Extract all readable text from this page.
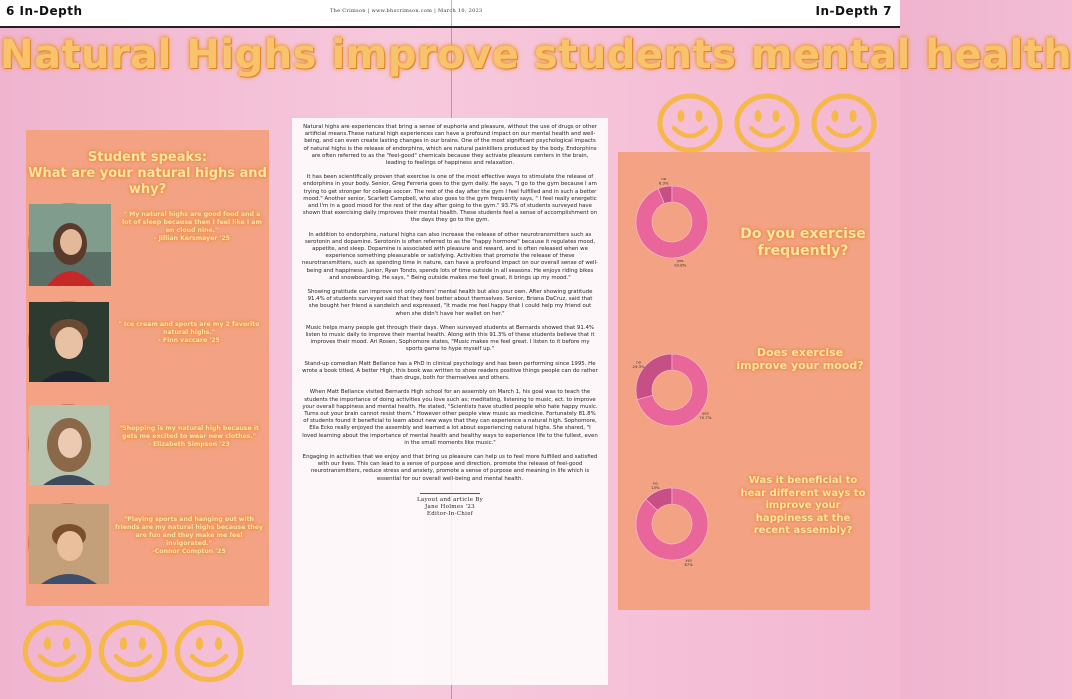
6 In-Depth	The Crimson | www.bhscrimson.com | March 10, 2023	In-Depth 7
Natural Highs improve students mental health
Student speaks:
What are your natural highs and why?
" My natural highs are good food and a lot of sleep because then I feel like I am on cloud nine."
- Jillian Kersmayer '25
" Ice cream and sports are my 2 favorite natural highs."
- Finn vaccaro '25
"Shopping is my natural high because it gets me excited to wear new clothes."
- Elizabeth Simpson '23
"Playing sports and hanging out with friends are my natural highs because they are fun and they make me feel invigorated."
-Connor Compton '25

Natural highs are experiences that bring a sense of euphoria and pleasure, without the use of drugs or other artificial means.These natural high experiences can have a profound impact on our mental health and well-being, and can even create lasting changes in our brains. One of the most significant psychological impacts of natural highs is the release of endorphins, which are natural painkillers produced by the body. Endorphins are often referred to as the "feel-good" chemicals because they activate pleasure centers in the brain, leading to feelings of happiness and relaxation.

It has been scientifically proven that exercise is one of the most effective ways to stimulate the release of endorphins in your body. Senior, Greg Ferreria goes to the gym daily. He says, "I go to the gym because I am trying to get stronger for college soccer. The rest of the day after the gym I feel fulfilled and in such a better mood." Another senior, Scarlett Campbell, who also goes to the gym frequently says, " I feel really energetic and I'm in a good mood for the rest of the day after going to the gym." 93.7% of students surveyed have shown that exercising daily improves their mental health. These students feel a sense of accomplishment on the days they go to the gym.

In addition to endorphins, natural highs can also increase the release of other neurotransmitters such as serotonin and dopamine. Serotonin is often referred to as the "happy hormone" because it regulates mood, appetite, and sleep. Dopamine is associated with pleasure and reward, and is often released when we experience something pleasurable or satisfying. Activities that promote the release of these neurotransmitters, such as spending time in nature, can have a profound impact on our overall sense of well-being and happiness. Junior, Ryan Tondo, spends lots of time outside in all seasons. He enjoys riding bikes and snowboarding. He says, " Being outside makes me feel great, it brings up my mood."

Showing gratitude can improve not only others' mental health but also your own. After showing gratitude 91.4% of students surveyed said that they feel better about themselves. Senior, Briana DaCruz, said that she bought her friend a sandwich and expressed, "It made me feel happy that I could help my friend out when she didn't have her wallet on her."

Music helps many people get through their days. When surveyed students at Bernards showed that 91.4% listen to music daily to improve their mental health. Along with this 91.3% of these students believe that it improves their mood. Ari Rosen, Sophomore states, "Music makes me feel great. I listen to it before my sports game to hype myself up."

Stand-up comedian Matt Bellance has a PhD in clinical psychology and has been performing since 1995. He wrote a book titled, A better High, this book was written to show readers positive things people can do rather than drugs, both for themselves and others.

When Matt Bellance visited Bernards High school for an assembly on March 1, his goal was to teach the students the importance of doing activities you love such as; meditating, listening to music, ect. to improve your overall happiness and mental health. He stated, "Scientists have studied people who hate happy music. Turns out your brain cannot resist them." However other people view music as medicine. Fortunately 81.8% of students found it beneficial to learn about new ways that they can experience a natural high. Sophomore, Ella Ecko really enjoyed the assembly and learned a lot about experiencing natural highs. She shared, "I loved learning about the importance of mental health and healthy ways to experience life to the fullest, even in the small moments like music."

Engaging in activities that we enjoy and that bring us pleasure can help us to feel more fulfilled and satisfied with our lives. This can lead to a sense of purpose and direction, promote the release of feel-good neurotransmitters, reduce stress and anxiety, promote a sense of purpose and meaning in life which is essential for our overall well-being and mental health.

Layout and article By
Jane Holmes '23
Editor-In-Chief
no 6.3%
yes 93.8%
no 29.3%
yes 70.7%
no 13%
yes 87%
Do you exercise frequently?
Does exercise improve your mood?
Was it beneficial to hear different ways to improve your happiness at the recent assembly?
